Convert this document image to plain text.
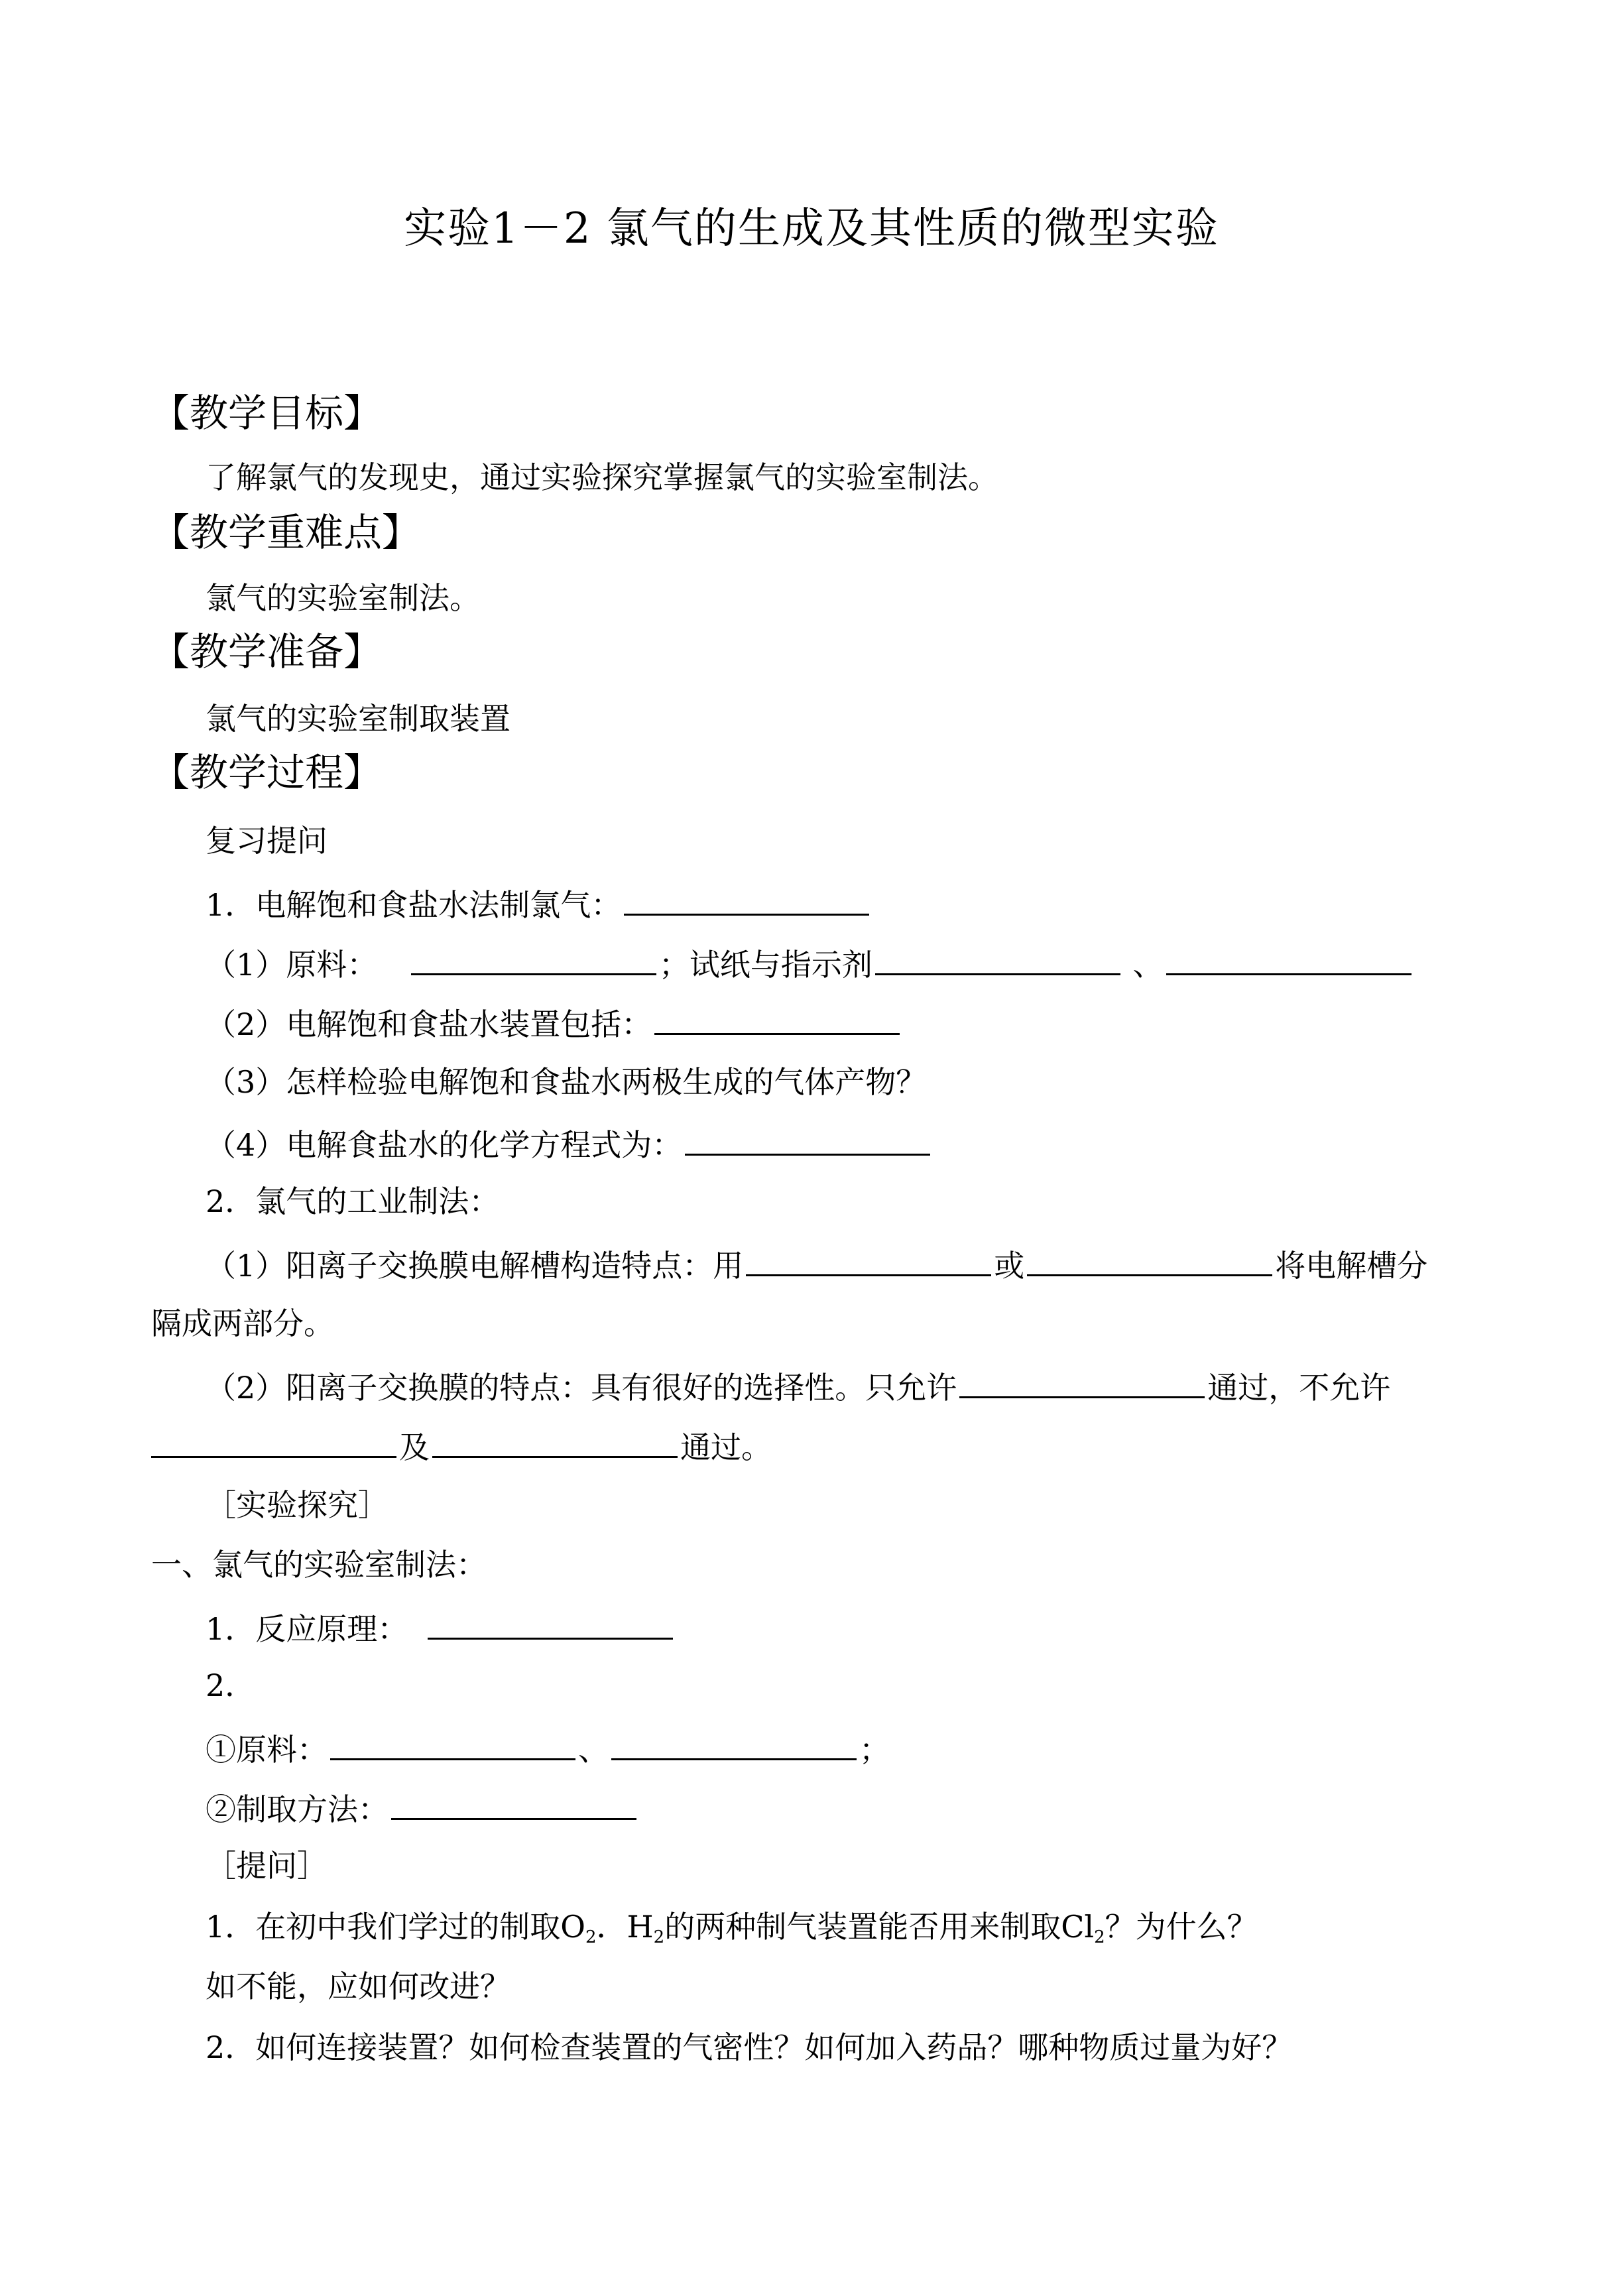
实验1－2 氯气的生成及其性质的微型实验
【教学目标】
了解氯气的发现史，通过实验探究掌握氯气的实验室制法。
【教学重难点】
氯气的实验室制法。
【教学准备】
氯气的实验室制取装置
【教学过程】
复习提问
1．电解饱和食盐水法制氯气：
（1）原料：	；试纸与指示剂	、
（2）电解饱和食盐水装置包括：
（3）怎样检验电解饱和食盐水两极生成的气体产物？
（4）电解食盐水的化学方程式为：
2．氯气的工业制法：
（1）阳离子交换膜电解槽构造特点：用	或	将电解槽分
隔成两部分。
（2）阳离子交换膜的特点：具有很好的选择性。只允许	通过，不允许
及	通过。
［实验探究］
一、氯气的实验室制法：
1．反应原理：
2．
①原料：	、	；
②制取方法：
［提问］
1．在初中我们学过的制取$O_2$．$H_2$的两种制气装置能否用来制取$Cl_2$？为什么？
如不能，应如何改进？
2．如何连接装置？如何检查装置的气密性？如何加入药品？哪种物质过量为好？
